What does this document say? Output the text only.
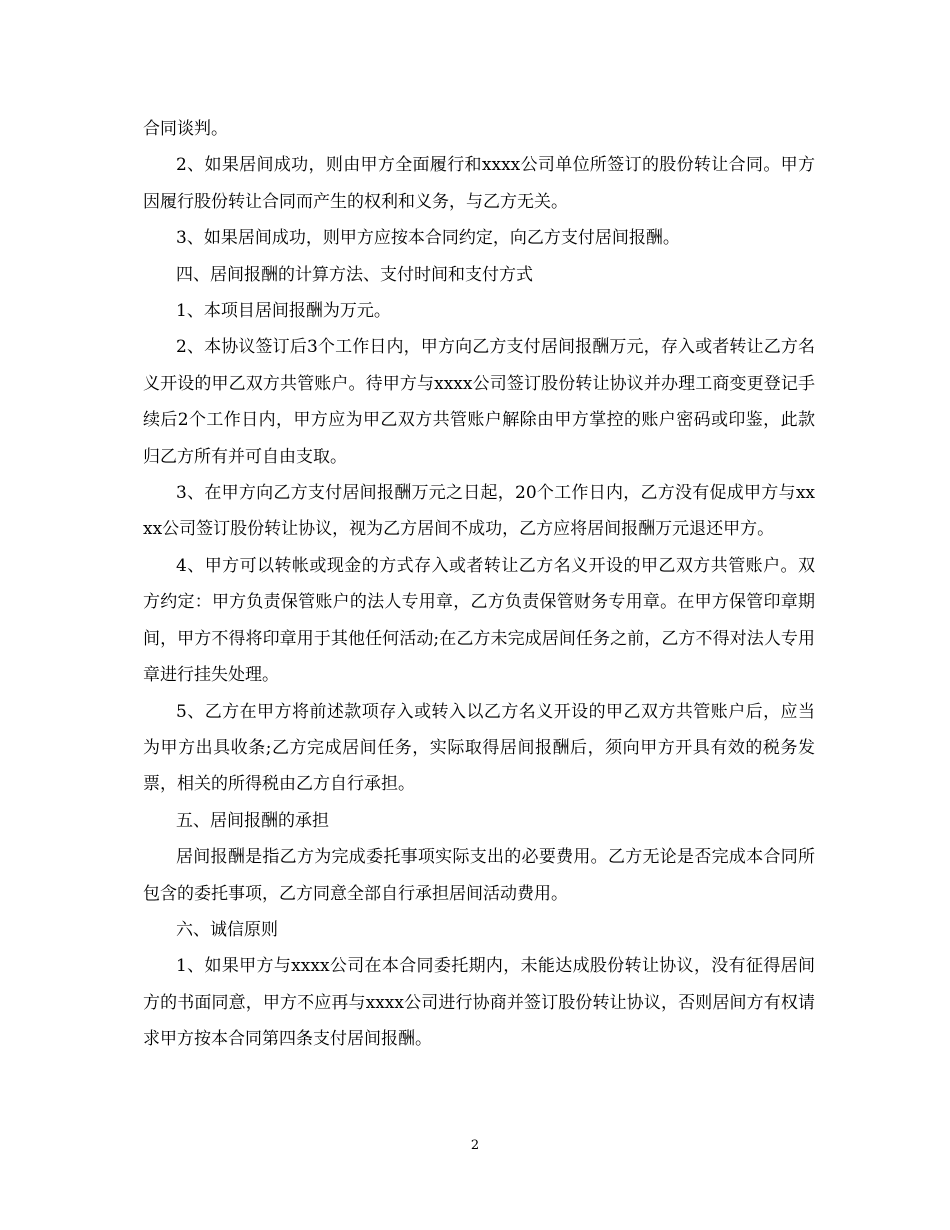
合同谈判。

2、如果居间成功，则由甲方全面履行和xxxx公司单位所签订的股份转让合同。甲方因履行股份转让合同而产生的权利和义务，与乙方无关。

3、如果居间成功，则甲方应按本合同约定，向乙方支付居间报酬。

四、居间报酬的计算方法、支付时间和支付方式

1、本项目居间报酬为万元。

2、本协议签订后3个工作日内，甲方向乙方支付居间报酬万元，存入或者转让乙方名义开设的甲乙双方共管账户。待甲方与xxxx公司签订股份转让协议并办理工商变更登记手续后2个工作日内，甲方应为甲乙双方共管账户解除由甲方掌控的账户密码或印鉴，此款归乙方所有并可自由支取。

3、在甲方向乙方支付居间报酬万元之日起，20个工作日内，乙方没有促成甲方与xxxx公司签订股份转让协议，视为乙方居间不成功，乙方应将居间报酬万元退还甲方。

4、甲方可以转帐或现金的方式存入或者转让乙方名义开设的甲乙双方共管账户。双方约定：甲方负责保管账户的法人专用章，乙方负责保管财务专用章。在甲方保管印章期间，甲方不得将印章用于其他任何活动;在乙方未完成居间任务之前，乙方不得对法人专用章进行挂失处理。

5、乙方在甲方将前述款项存入或转入以乙方名义开设的甲乙双方共管账户后，应当为甲方出具收条;乙方完成居间任务，实际取得居间报酬后，须向甲方开具有效的税务发票，相关的所得税由乙方自行承担。

五、居间报酬的承担

居间报酬是指乙方为完成委托事项实际支出的必要费用。乙方无论是否完成本合同所包含的委托事项，乙方同意全部自行承担居间活动费用。

六、诚信原则

1、如果甲方与xxxx公司在本合同委托期内，未能达成股份转让协议，没有征得居间方的书面同意，甲方不应再与xxxx公司进行协商并签订股份转让协议，否则居间方有权请求甲方按本合同第四条支付居间报酬。

2
